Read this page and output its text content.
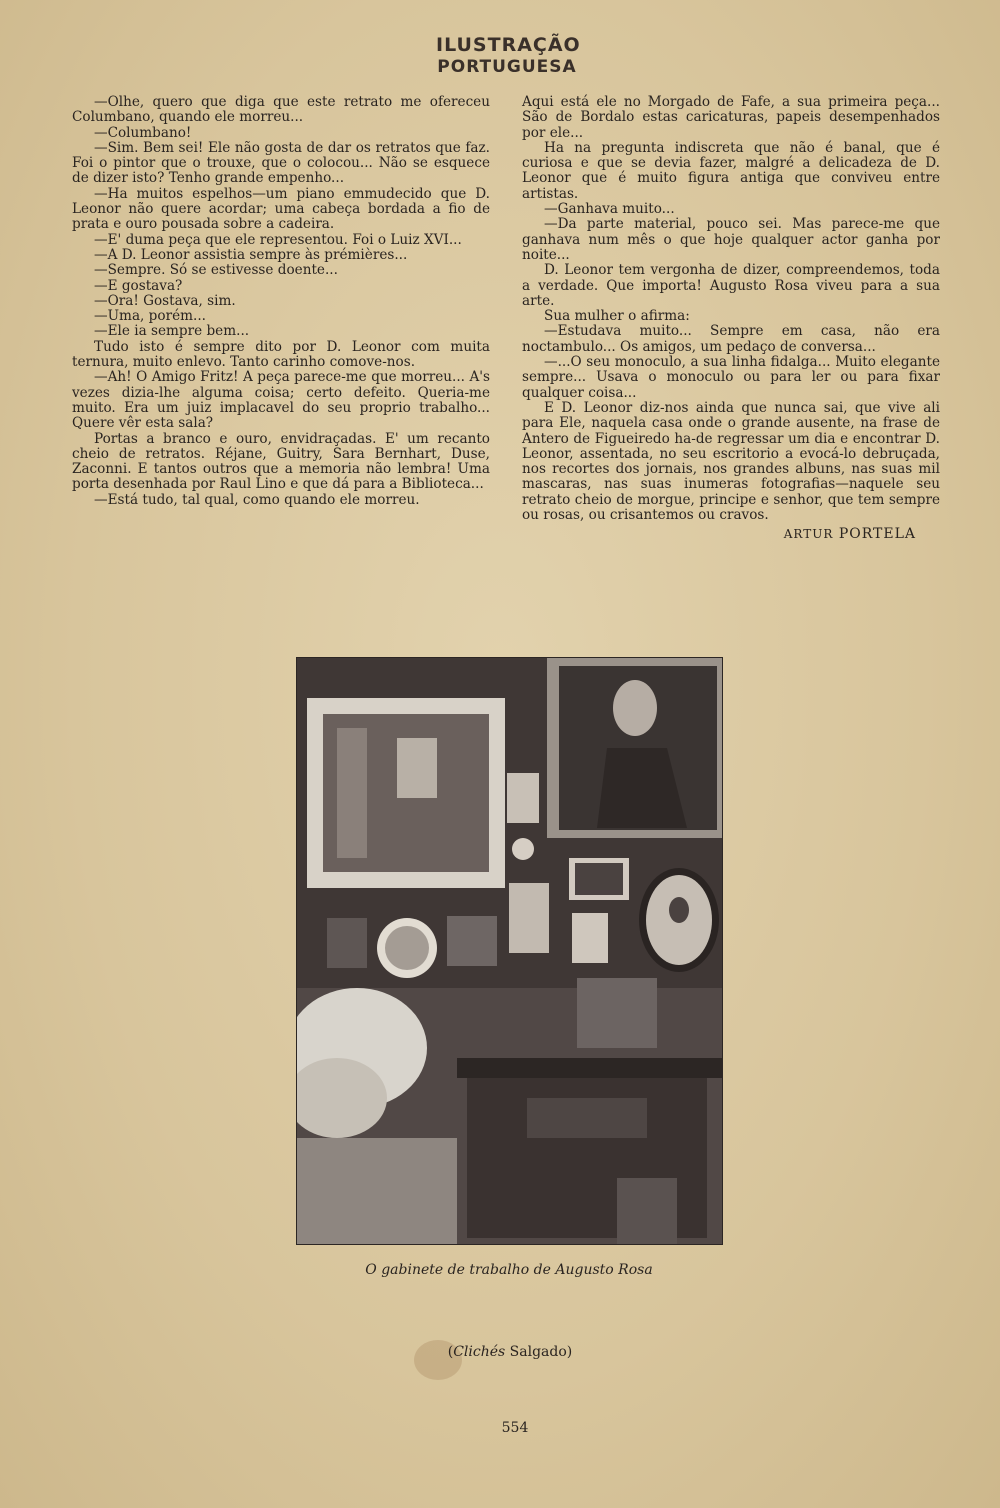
ILUSTRAÇÃO
PORTUGUESA

—Olhe, quero que diga que este retrato me ofereceu Columbano, quando ele morreu...

—Columbano!

—Sim. Bem sei! Ele não gosta de dar os retratos que faz. Foi o pintor que o trouxe, que o colocou... Não se esquece de dizer isto? Tenho grande empenho...

—Ha muitos espelhos—um piano emmudecido que D. Leonor não quere acordar; uma cabeça bordada a fio de prata e ouro pousada sobre a cadeira.

—E' duma peça que ele representou. Foi o Luiz XVI...

—A D. Leonor assistia sempre às prémières...

—Sempre. Só se estivesse doente...

—E gostava?

—Ora! Gostava, sim.

—Uma, porém...

—Ele ia sempre bem...

Tudo isto é sempre dito por D. Leonor com muita ternura, muito enlevo. Tanto carinho comove-nos.

—Ah! O Amigo Fritz! A peça parece-me que morreu... A's vezes dizia-lhe alguma coisa; certo defeito. Queria-me muito. Era um juiz implacavel do seu proprio trabalho... Quere vêr esta sala?

Portas a branco e ouro, envidraçadas. E' um recanto cheio de retratos. Réjane, Guitry, Sara Bernhart, Duse, Zaconni. E tantos outros que a memoria não lembra! Uma porta desenhada por Raul Lino e que dá para a Biblioteca...

—Está tudo, tal qual, como quando ele morreu.

Aqui está ele no Morgado de Fafe, a sua primeira peça... São de Bordalo estas caricaturas, papeis desempenhados por ele...

Ha na pregunta indiscreta que não é banal, que é curiosa e que se devia fazer, malgré a delicadeza de D. Leonor que é muito figura antiga que conviveu entre artistas.

—Ganhava muito...

—Da parte material, pouco sei. Mas parece-me que ganhava num mês o que hoje qualquer actor ganha por noite...

D. Leonor tem vergonha de dizer, compreendemos, toda a verdade. Que importa! Augusto Rosa viveu para a sua arte.

Sua mulher o afirma:

—Estudava muito... Sempre em casa, não era noctambulo... Os amigos, um pedaço de conversa...

—...O seu monoculo, a sua linha fidalga... Muito elegante sempre... Usava o monoculo ou para ler ou para fixar qualquer coisa...

E D. Leonor diz-nos ainda que nunca sai, que vive ali para Ele, naquela casa onde o grande ausente, na frase de Antero de Figueiredo ha-de regressar um dia e encontrar D. Leonor, assentada, no seu escritorio a evocá-lo debruçada, nos recortes dos jornais, nos grandes albuns, nas suas mil mascaras, nas suas inumeras fotografias—naquele seu retrato cheio de morgue, principe e senhor, que tem sempre ou rosas, ou crisantemos ou cravos.

ARTUR PORTELA
O gabinete de trabalho de Augusto Rosa
(Clichés Salgado)
554
